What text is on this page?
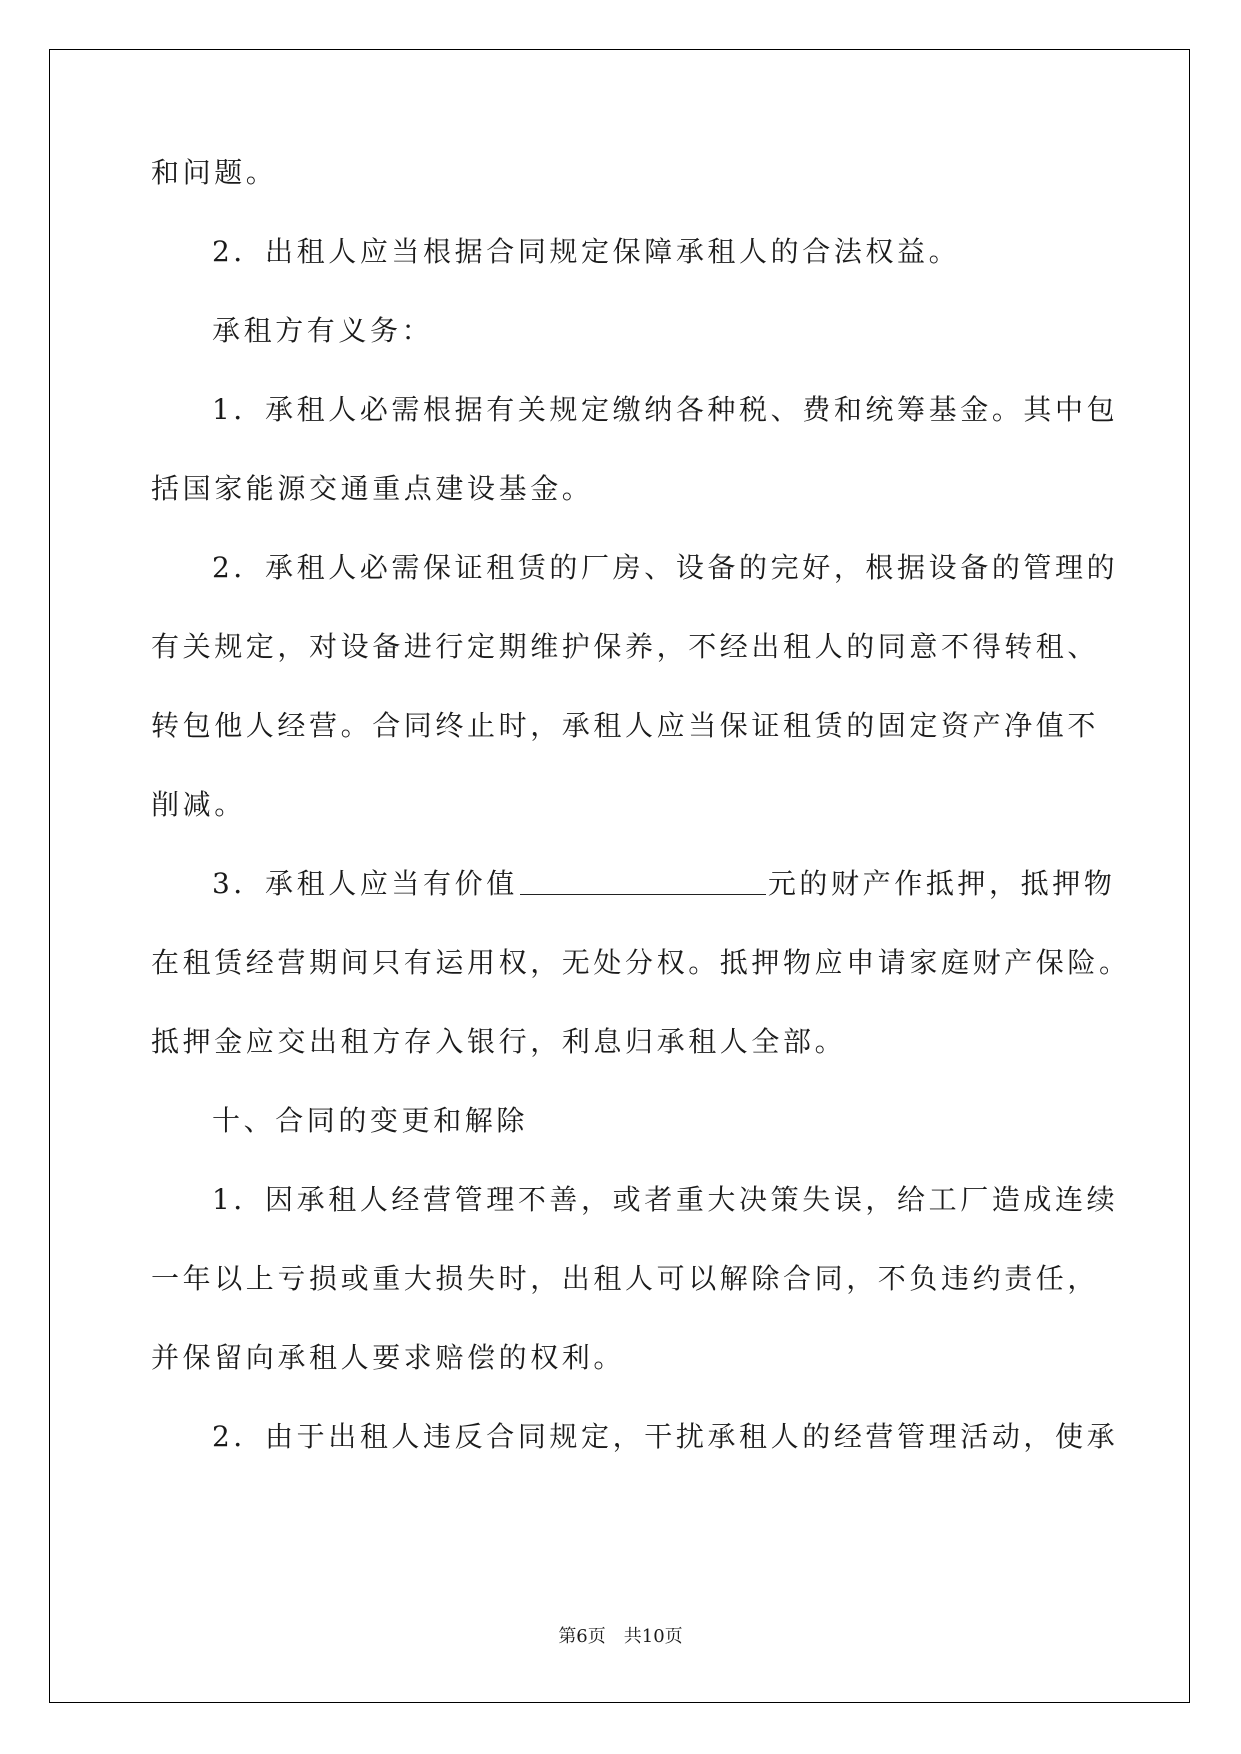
和问题。
2．出租人应当根据合同规定保障承租人的合法权益。
承租方有义务：
1．承租人必需根据有关规定缴纳各种税、费和统筹基金。其中包
括国家能源交通重点建设基金。
2．承租人必需保证租赁的厂房、设备的完好，根据设备的管理的
有关规定，对设备进行定期维护保养，不经出租人的同意不得转租、
转包他人经营。合同终止时，承租人应当保证租赁的固定资产净值不
削减。
3．承租人应当有价值	元的财产作抵押，抵押物
在租赁经营期间只有运用权，无处分权。抵押物应申请家庭财产保险。
抵押金应交出租方存入银行，利息归承租人全部。
十、合同的变更和解除
1．因承租人经营管理不善，或者重大决策失误，给工厂造成连续
一年以上亏损或重大损失时，出租人可以解除合同，不负违约责任，
并保留向承租人要求赔偿的权利。
2．由于出租人违反合同规定，干扰承租人的经营管理活动，使承
第6页 共10页
